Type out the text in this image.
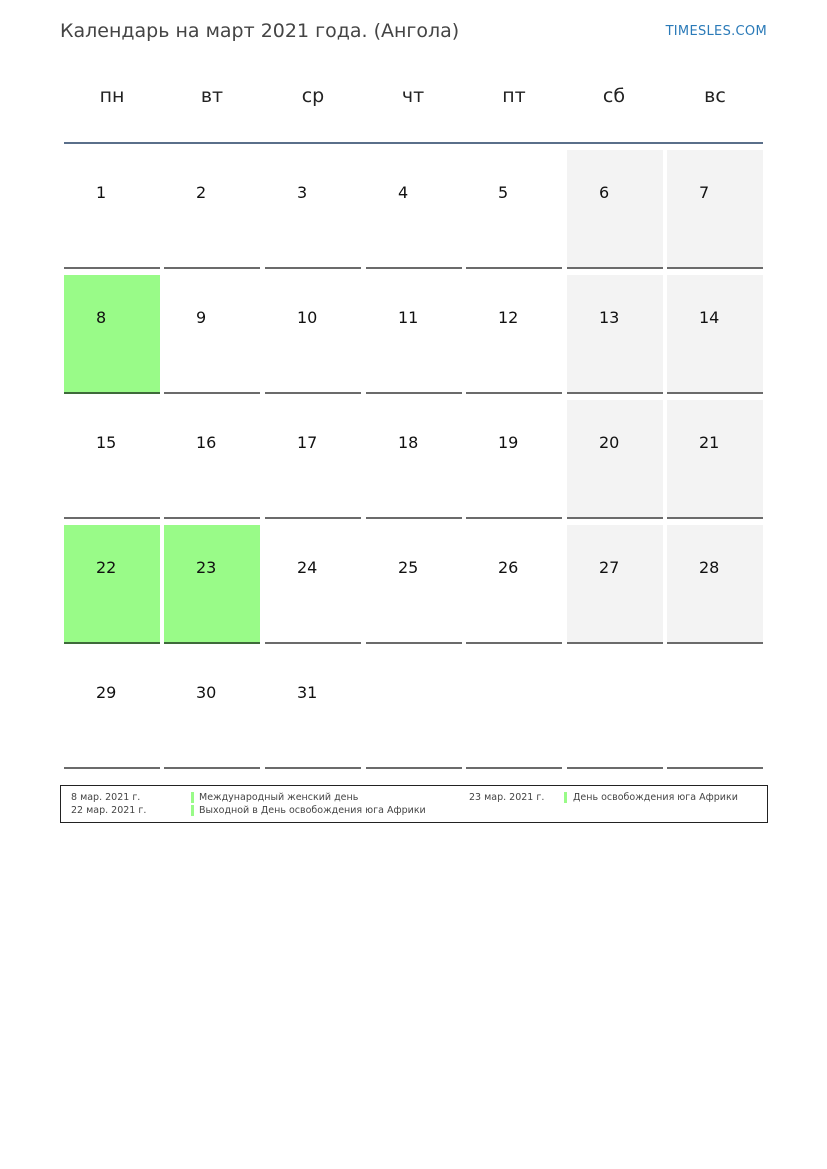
Календарь на март 2021 года. (Ангола)	TIMESLES.COM
пн	вт	ср	чт	пт	сб	вс
1	2	3	4	5	6	7
8	9	10	11	12	13	14
15	16	17	18	19	20	21
22	23	24	25	26	27	28
29	30	31
8 мар. 2021 г.	Международный женский день
22 мар. 2021 г.	Выходной в День освобождения юга Африки
23 мар. 2021 г.	День освобождения юга Африки
